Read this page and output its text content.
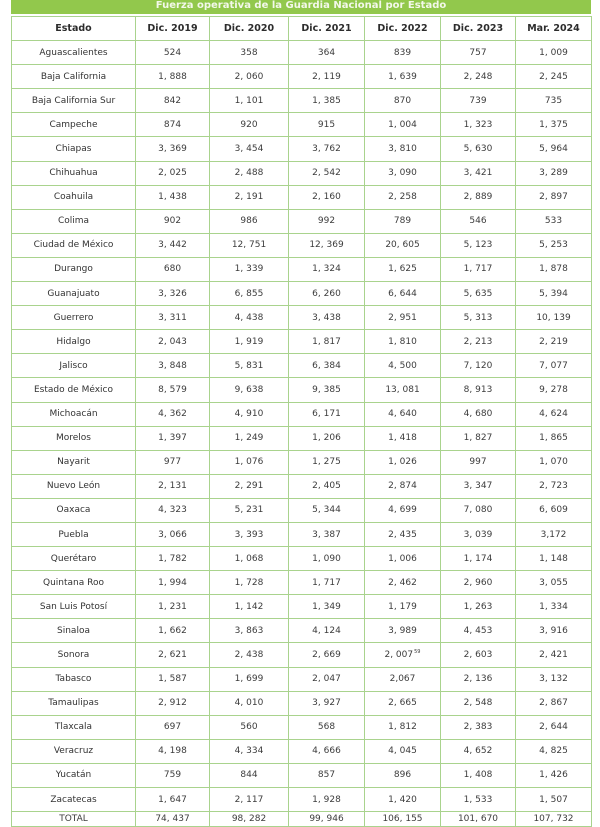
Fuerza operativa de la Guardia Nacional por Estado
Estado	Dic. 2019	Dic. 2020	Dic. 2021	Dic. 2022	Dic. 2023	Mar. 2024
Aguascalientes	524	358	364	839	757	1, 009
Baja California	1, 888	2, 060	2, 119	1, 639	2, 248	2, 245
Baja California Sur	842	1, 101	1, 385	870	739	735
Campeche	874	920	915	1, 004	1, 323	1, 375
Chiapas	3, 369	3, 454	3, 762	3, 810	5, 630	5, 964
Chihuahua	2, 025	2, 488	2, 542	3, 090	3, 421	3, 289
Coahuila	1, 438	2, 191	2, 160	2, 258	2, 889	2, 897
Colima	902	986	992	789	546	533
Ciudad de México	3, 442	12, 751	12, 369	20, 605	5, 123	5, 253
Durango	680	1, 339	1, 324	1, 625	1, 717	1, 878
Guanajuato	3, 326	6, 855	6, 260	6, 644	5, 635	5, 394
Guerrero	3, 311	4, 438	3, 438	2, 951	5, 313	10, 139
Hidalgo	2, 043	1, 919	1, 817	1, 810	2, 213	2, 219
Jalisco	3, 848	5, 831	6, 384	4, 500	7, 120	7, 077
Estado de México	8, 579	9, 638	9, 385	13, 081	8, 913	9, 278
Michoacán	4, 362	4, 910	6, 171	4, 640	4, 680	4, 624
Morelos	1, 397	1, 249	1, 206	1, 418	1, 827	1, 865
Nayarit	977	1, 076	1, 275	1, 026	997	1, 070
Nuevo León	2, 131	2, 291	2, 405	2, 874	3, 347	2, 723
Oaxaca	4, 323	5, 231	5, 344	4, 699	7, 080	6, 609
Puebla	3, 066	3, 393	3, 387	2, 435	3, 039	3,172
Querétaro	1, 782	1, 068	1, 090	1, 006	1, 174	1, 148
Quintana Roo	1, 994	1, 728	1, 717	2, 462	2, 960	3, 055
San Luis Potosí	1, 231	1, 142	1, 349	1, 179	1, 263	1, 334
Sinaloa	1, 662	3, 863	4, 124	3, 989	4, 453	3, 916
Sonora	2, 621	2, 438	2, 669	2, 007$^{59}$	2, 603	2, 421
Tabasco	1, 587	1, 699	2, 047	2,067	2, 136	3, 132
Tamaulipas	2, 912	4, 010	3, 927	2, 665	2, 548	2, 867
Tlaxcala	697	560	568	1, 812	2, 383	2, 644
Veracruz	4, 198	4, 334	4, 666	4, 045	4, 652	4, 825
Yucatán	759	844	857	896	1, 408	1, 426
Zacatecas	1, 647	2, 117	1, 928	1, 420	1, 533	1, 507
TOTAL	74, 437	98, 282	99, 946	106, 155	101, 670	107, 732
